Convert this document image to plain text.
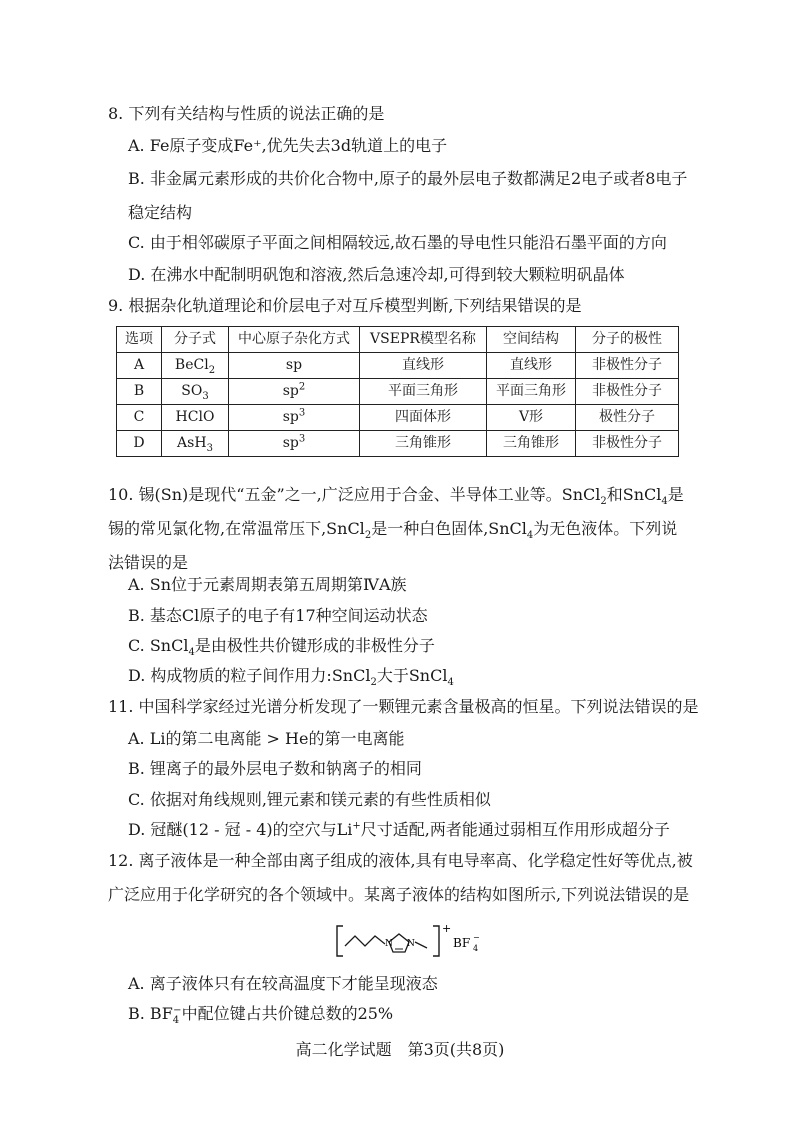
8. 下列有关结构与性质的说法正确的是
A. Fe原子变成Fe⁺,优先失去3d轨道上的电子
B. 非金属元素形成的共价化合物中,原子的最外层电子数都满足2电子或者8电子稳定结构
C. 由于相邻碳原子平面之间相隔较远,故石墨的导电性只能沿石墨平面的方向
D. 在沸水中配制明矾饱和溶液,然后急速冷却,可得到较大颗粒明矾晶体
9. 根据杂化轨道理论和价层电子对互斥模型判断,下列结果错误的是
选项	分子式	中心原子杂化方式	VSEPR模型名称	空间结构	分子的极性
A	BeCl$_2$	sp	直线形	直线形	非极性分子
B	$SO_3$	$sp^2$	平面三角形	平面三角形	非极性分子
C	HClO	$sp^3$	四面体形	V形	极性分子
D	AsH$_3$	$sp^3$	三角锥形	三角锥形	非极性分子
10. 锡(Sn)是现代“五金”之一,广泛应用于合金、半导体工业等。SnCl$_2$和SnCl$_4$是锡的常见氯化物,在常温常压下,SnCl$_2$是一种白色固体,SnCl$_4$为无色液体。下列说法错误的是
A. Sn位于元素周期表第五周期第ⅣA族
B. 基态Cl原子的电子有17种空间运动状态
C. SnCl$_4$是由极性共价键形成的非极性分子
D. 构成物质的粒子间作用力:SnCl$_2$大于SnCl$_4$
11. 中国科学家经过光谱分析发现了一颗锂元素含量极高的恒星。下列说法错误的是
A. Li的第二电离能 > He的第一电离能
B. 锂离子的最外层电子数和钠离子的相同
C. 依据对角线规则,锂元素和镁元素的有些性质相似
D. 冠醚(12 - 冠 - 4)的空穴与Li+尺寸适配,两者能通过弱相互作用形成超分子
12. 离子液体是一种全部由离子组成的液体,具有电导率高、化学稳定性好等优点,被广泛应用于化学研究的各个领域中。某离子液体的结构如图所示,下列说法错误的是
N N
+
BF 4
−
A. 离子液体只有在较高温度下才能呈现液态
B. $BF_4^-$中配位键占共价键总数的25%
高二化学试题　第3页(共8页)
